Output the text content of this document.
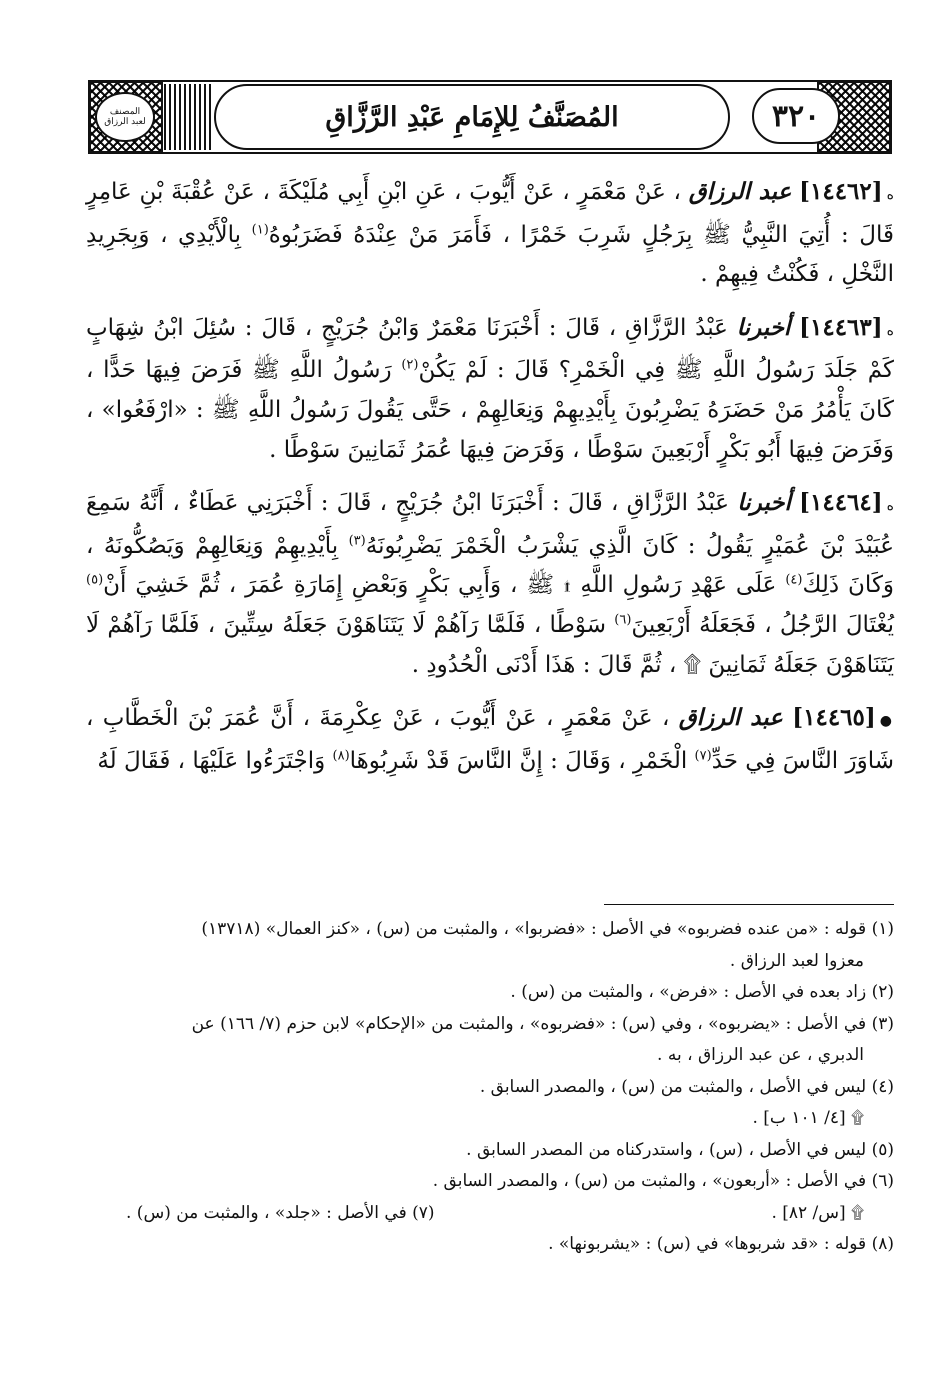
المصنف
لعبد الرزاق	المُصَنَّفُ لِلإِمَامِ عَبْدِ الرَّزَّاقِ	٣٢٠

ه[١٤٤٦٢] عبد الرزاق ، عَنْ مَعْمَرٍ ، عَنْ أَيُّوبَ ، عَنِ ابْنِ أَبِي مُلَيْكَةَ ، عَنْ عُقْبَةَ بْنِ عَامِرٍ قَالَ : أُتِيَ النَّبِيُّ ﷺ بِرَجُلٍ شَرِبَ خَمْرًا ، فَأَمَرَ مَنْ عِنْدَهُ فَضَرَبُوهُ$^{(١)}$ بِالْأَيْدِي ، وَبِجَرِيدِ النَّخْلِ ، فَكُنْتُ فِيهِمْ .

ه[١٤٤٦٣] أخبرنا عَبْدُ الرَّزَّاقِ ، قَالَ : أَخْبَرَنَا مَعْمَرٌ وَابْنُ جُرَيْجٍ ، قَالَ : سُئِلَ ابْنُ شِهَابٍ كَمْ جَلَدَ رَسُولُ اللَّهِ ﷺ فِي الْخَمْرِ؟ قَالَ : لَمْ يَكُنْ$^{(٢)}$ رَسُولُ اللَّهِ ﷺ فَرَضَ فِيهَا حَدًّا ، كَانَ يَأْمُرُ مَنْ حَضَرَهُ يَضْرِبُونَ بِأَيْدِيهِمْ وَنِعَالِهِمْ ، حَتَّى يَقُولَ رَسُولُ اللَّهِ ﷺ : «ارْفَعُوا» ، وَفَرَضَ فِيهَا أَبُو بَكْرٍ أَرْبَعِينَ سَوْطًا ، وَفَرَضَ فِيهَا عُمَرُ ثَمَانِينَ سَوْطًا .

ه[١٤٤٦٤] أخبرنا عَبْدُ الرَّزَّاقِ ، قَالَ : أَخْبَرَنَا ابْنُ جُرَيْجٍ ، قَالَ : أَخْبَرَنِي عَطَاءٌ ، أَنَّهُ سَمِعَ عُبَيْدَ بْنَ عُمَيْرٍ يَقُولُ : كَانَ الَّذِي يَشْرَبُ الْخَمْرَ يَضْرِبُونَهُ$^{(٣)}$ بِأَيْدِيهِمْ وَنِعَالِهِمْ وَيَصُكُّونَهُ ، وَكَانَ ذَلِكَ$^{(٤)}$ عَلَى عَهْدِ رَسُولِ اللَّهِ ۩ ﷺ ، وَأَبِي بَكْرٍ وَبَعْضِ إِمَارَةِ عُمَرَ ، ثُمَّ خَشِيَ أَنْ$^{(٥)}$ يُغْتَالَ الرَّجُلُ ، فَجَعَلَهُ أَرْبَعِينَ$^{(٦)}$ سَوْطًا ، فَلَمَّا رَآهُمْ لَا يَتَنَاهَوْنَ جَعَلَهُ سِتِّينَ ، فَلَمَّا رَآهُمْ لَا يَتَنَاهَوْنَ جَعَلَهُ ثَمَانِينَ ۩ ، ثُمَّ قَالَ : هَذَا أَدْنَى الْحُدُودِ .

●[١٤٤٦٥] عبد الرزاق ، عَنْ مَعْمَرٍ ، عَنْ أَيُّوبَ ، عَنْ عِكْرِمَةَ ، أَنَّ عُمَرَ بْنَ الْخَطَّابِ ، شَاوَرَ النَّاسَ فِي حَدِّ$^{(٧)}$ الْخَمْرِ ، وَقَالَ : إِنَّ النَّاسَ قَدْ شَرِبُوهَا$^{(٨)}$ وَاجْتَرَءُوا عَلَيْهَا ، فَقَالَ لَهُ

(١) قوله : «من عنده فضربوه» في الأصل : «فضربوا» ، والمثبت من (س) ، «كنز العمال» (١٣٧١٨)
معزوا لعبد الرزاق .

(٢) زاد بعده في الأصل : «فرض» ، والمثبت من (س) .

(٣) في الأصل : «يضربوه» ، وفي (س) : «فضربوه» ، والمثبت من «الإحكام» لابن حزم (٧/ ١٦٦) عن
الدبري ، عن عبد الرزاق ، به .

(٤) ليس في الأصل ، والمثبت من (س) ، والمصدر السابق .

۩ [٤/ ١٠١ ب] .

(٥) ليس في الأصل ، (س) ، واستدركناه من المصدر السابق .

(٦) في الأصل : «أربعون» ، والمثبت من (س) ، والمصدر السابق .

۩ [س/ ٨٢] .
(٧) في الأصل : «جلد» ، والمثبت من (س) .

(٨) قوله : «قد شربوها» في (س) : «يشربونها» .
